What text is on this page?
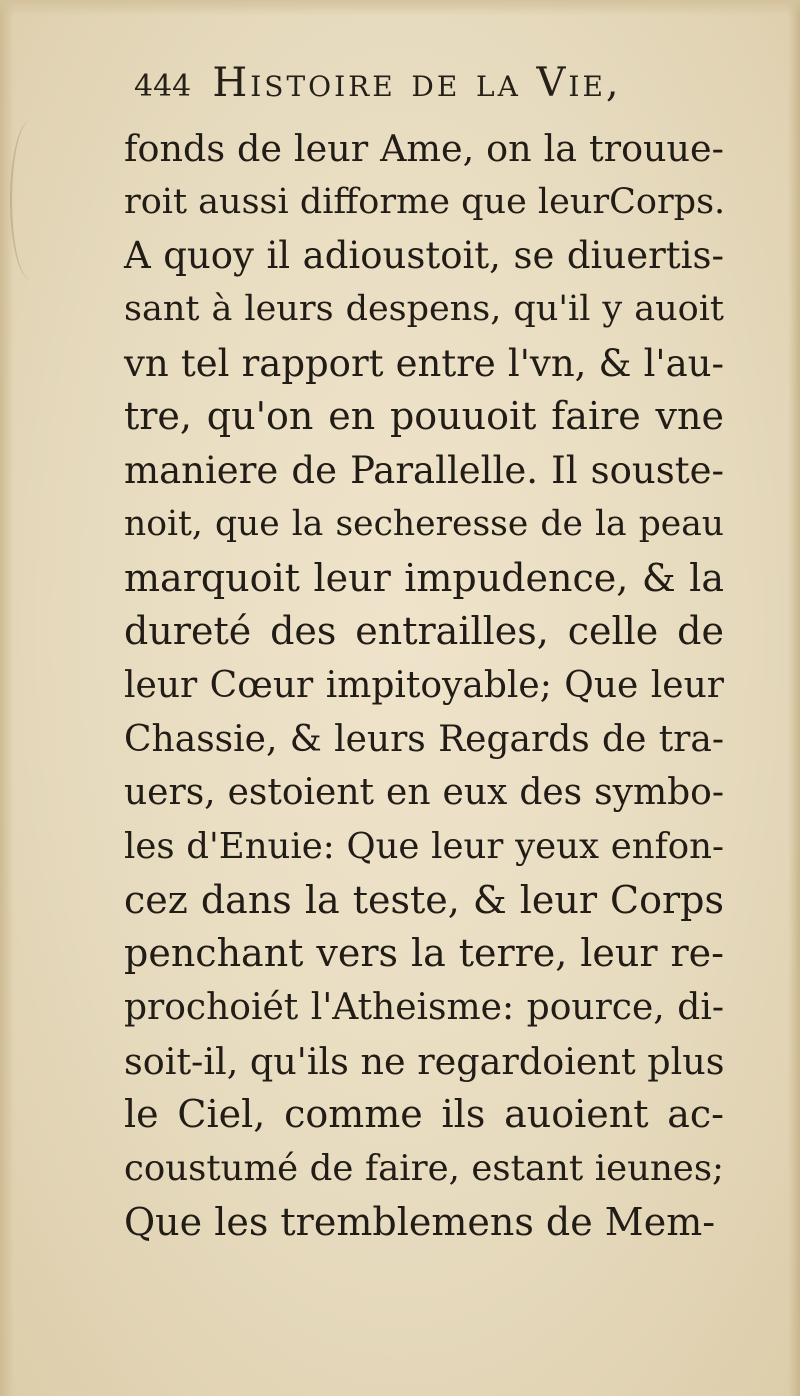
444 Histoire de la Vie,
fonds de leur Ame, on la trouue-
roit aussi difforme que leurCorps.
A quoy il adioustoit, se diuertis-
sant à leurs despens, qu'il y auoit
vn tel rapport entre l'vn, & l'au-
tre, qu'on en pouuoit faire vne
maniere de Parallelle. Il souste-
noit, que la secheresse de la peau
marquoit leur impudence, & la
dureté des entrailles, celle de
leur Cœur impitoyable; Que leur
Chassie, & leurs Regards de tra-
uers, estoient en eux des symbo-
les d'Enuie: Que leur yeux enfon-
cez dans la teste, & leur Corps
penchant vers la terre, leur re-
prochoiét l'Atheisme: pource, di-
soit-il, qu'ils ne regardoient plus
le Ciel, comme ils auoient ac-
coustumé de faire, estant ieunes;
Que les tremblemens de Mem-
